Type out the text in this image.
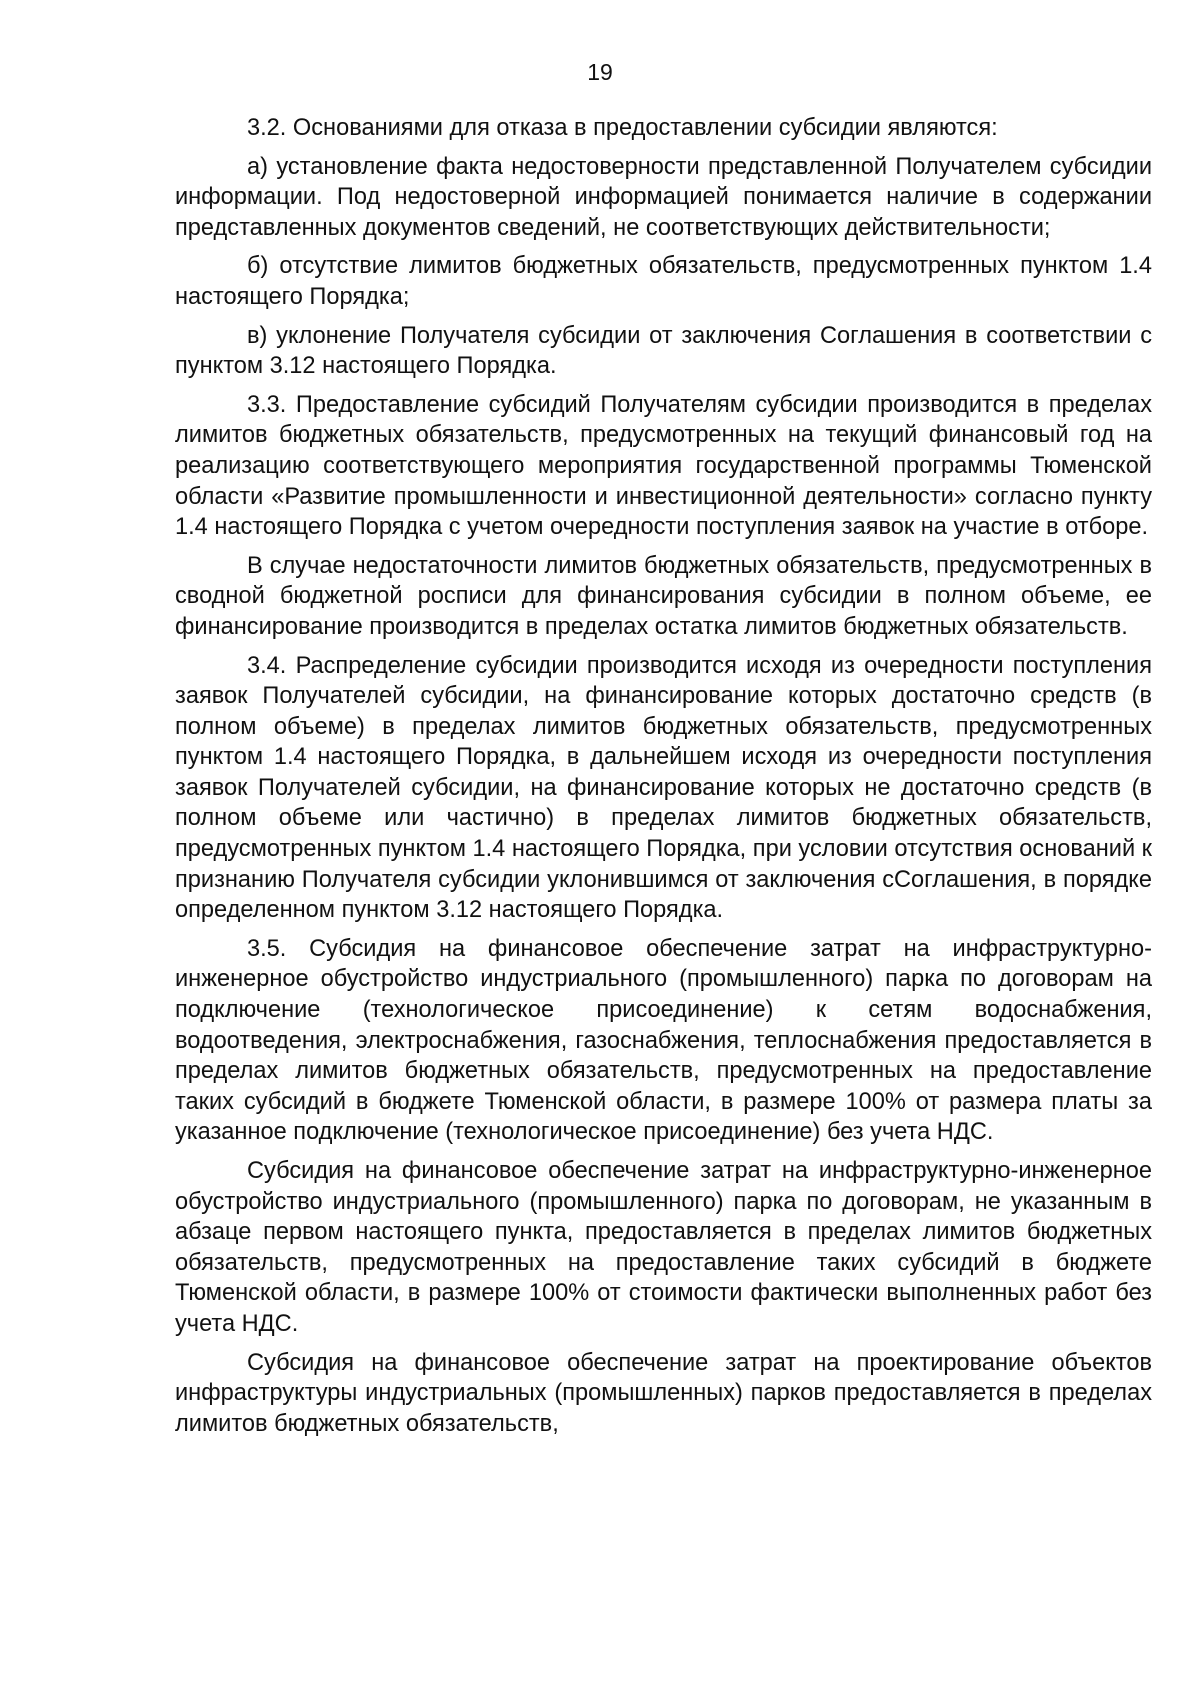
19

3.2. Основаниями для отказа в предоставлении субсидии являются:

а) установление факта недостоверности представленной Получателем субсидии информации. Под недостоверной информацией понимается наличие в содержании представленных документов сведений, не соответствующих действительности;

б) отсутствие лимитов бюджетных обязательств, предусмотренных пунктом 1.4 настоящего Порядка;

в) уклонение Получателя субсидии от заключения Соглашения в соответствии с пунктом 3.12 настоящего Порядка.

3.3. Предоставление субсидий Получателям субсидии производится в пределах лимитов бюджетных обязательств, предусмотренных на текущий финансовый год на реализацию соответствующего мероприятия государственной программы Тюменской области «Развитие промышленности и инвестиционной деятельности» согласно пункту 1.4 настоящего Порядка с учетом очередности поступления заявок на участие в отборе.

В случае недостаточности лимитов бюджетных обязательств, предусмотренных в сводной бюджетной росписи для финансирования субсидии в полном объеме, ее финансирование производится в пределах остатка лимитов бюджетных обязательств.

3.4. Распределение субсидии производится исходя из очередности поступления заявок Получателей субсидии, на финансирование которых достаточно средств (в полном объеме) в пределах лимитов бюджетных обязательств, предусмотренных пунктом 1.4 настоящего Порядка, в дальнейшем исходя из очередности поступления заявок Получателей субсидии, на финансирование которых не достаточно средств (в полном объеме или частично) в пределах лимитов бюджетных обязательств, предусмотренных пунктом 1.4 настоящего Порядка, при условии отсутствия оснований к признанию Получателя субсидии уклонившимся от заключения сСоглашения, в порядке определенном пунктом 3.12 настоящего Порядка.

3.5. Субсидия на финансовое обеспечение затрат на инфраструктурно-инженерное обустройство индустриального (промышленного) парка по договорам на подключение (технологическое присоединение) к сетям водоснабжения, водоотведения, электроснабжения, газоснабжения, теплоснабжения предоставляется в пределах лимитов бюджетных обязательств, предусмотренных на предоставление таких субсидий в бюджете Тюменской области, в размере 100% от размера платы за указанное подключение (технологическое присоединение) без учета НДС.

Субсидия на финансовое обеспечение затрат на инфраструктурно-инженерное обустройство индустриального (промышленного) парка по договорам, не указанным в абзаце первом настоящего пункта, предоставляется в пределах лимитов бюджетных обязательств, предусмотренных на предоставление таких субсидий в бюджете Тюменской области, в размере 100% от стоимости фактически выполненных работ без учета НДС.

Субсидия на финансовое обеспечение затрат на проектирование объектов инфраструктуры индустриальных (промышленных) парков предоставляется в пределах лимитов бюджетных обязательств,
